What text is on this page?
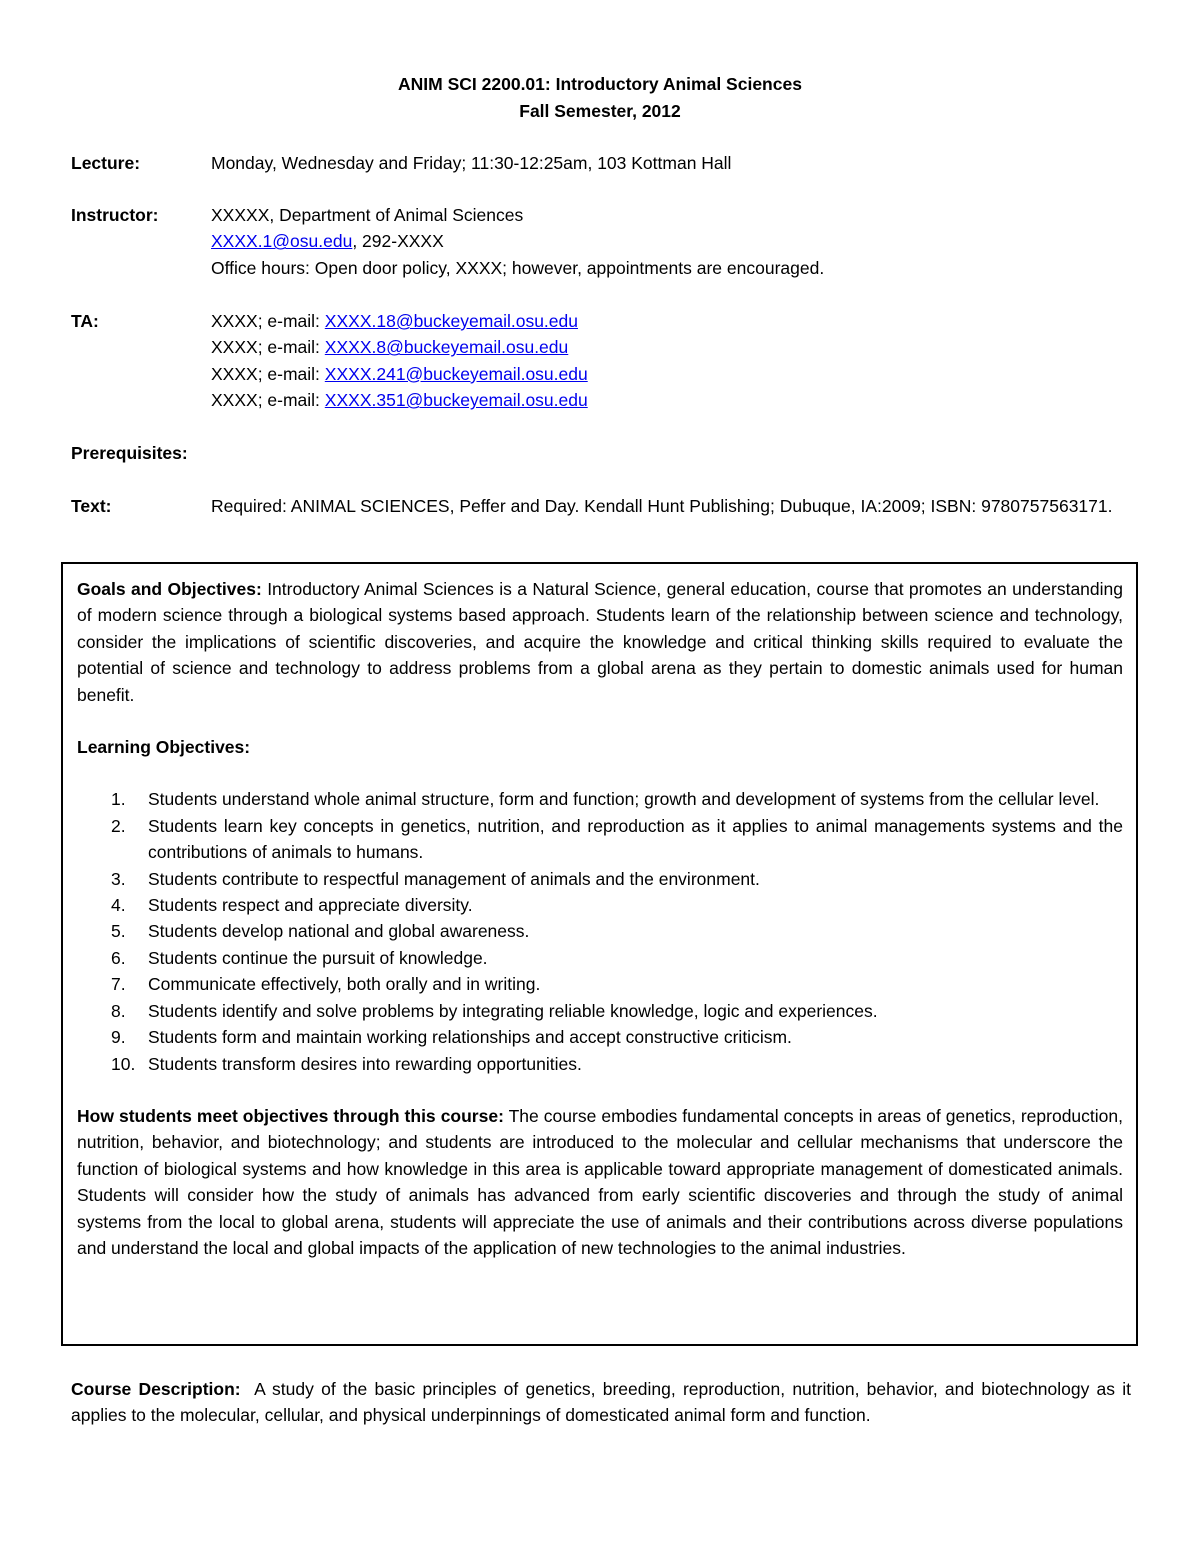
ANIM SCI 2200.01: Introductory Animal Sciences
Fall Semester, 2012
Lecture:	Monday, Wednesday and Friday; 11:30-12:25am, 103 Kottman Hall
Instructor:	XXXXX, Department of Animal Sciences
XXXX.1@osu.edu, 292-XXXX
Office hours: Open door policy, XXXX; however, appointments are encouraged.
TA:	XXXX; e-mail: XXXX.18@buckeyemail.osu.edu
XXXX; e-mail: XXXX.8@buckeyemail.osu.edu
XXXX; e-mail: XXXX.241@buckeyemail.osu.edu
XXXX; e-mail: XXXX.351@buckeyemail.osu.edu
Prerequisites:
Text:	Required: ANIMAL SCIENCES, Peffer and Day. Kendall Hunt Publishing; Dubuque, IA:2009; ISBN: 9780757563171.

Goals and Objectives: Introductory Animal Sciences is a Natural Science, general education, course that promotes an understanding of modern science through a biological systems based approach. Students learn of the relationship between science and technology, consider the implications of scientific discoveries, and acquire the knowledge and critical thinking skills required to evaluate the potential of science and technology to address problems from a global arena as they pertain to domestic animals used for human benefit.

Learning Objectives:

1. Students understand whole animal structure, form and function; growth and development of systems from the cellular level.
2. Students learn key concepts in genetics, nutrition, and reproduction as it applies to animal managements systems and the contributions of animals to humans.
3. Students contribute to respectful management of animals and the environment.
4. Students respect and appreciate diversity.
5. Students develop national and global awareness.
6. Students continue the pursuit of knowledge.
7. Communicate effectively, both orally and in writing.
8. Students identify and solve problems by integrating reliable knowledge, logic and experiences.
9. Students form and maintain working relationships and accept constructive criticism.
10. Students transform desires into rewarding opportunities.

How students meet objectives through this course: The course embodies fundamental concepts in areas of genetics, reproduction, nutrition, behavior, and biotechnology; and students are introduced to the molecular and cellular mechanisms that underscore the function of biological systems and how knowledge in this area is applicable toward appropriate management of domesticated animals. Students will consider how the study of animals has advanced from early scientific discoveries and through the study of animal systems from the local to global arena, students will appreciate the use of animals and their contributions across diverse populations and understand the local and global impacts of the application of new technologies to the animal industries.

Course Description:  A study of the basic principles of genetics, breeding, reproduction, nutrition, behavior, and biotechnology as it applies to the molecular, cellular, and physical underpinnings of domesticated animal form and function.
